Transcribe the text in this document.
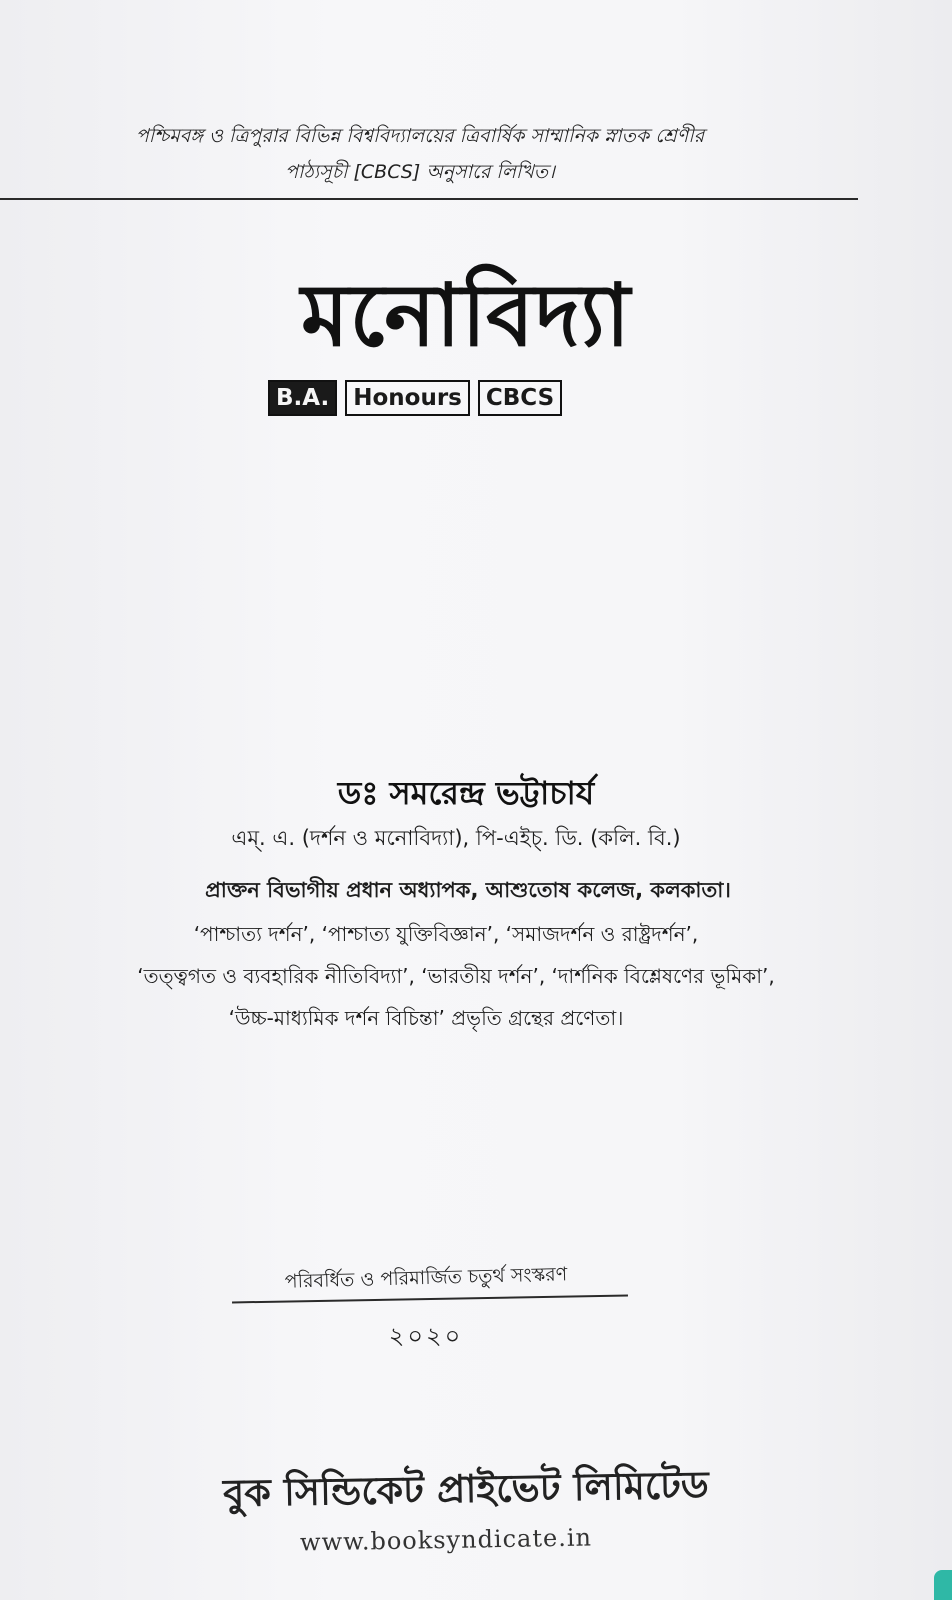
পশ্চিমবঙ্গ ও ত্রিপুরার বিভিন্ন বিশ্ববিদ্যালয়ের ত্রিবার্ষিক সাম্মানিক স্নাতক শ্রেণীর
পাঠ্যসূচী [CBCS] অনুসারে লিখিত।
মনোবিদ্যা
B.A.	Honours	CBCS
ডঃ সমরেন্দ্র ভট্টাচার্য
এম্. এ. (দর্শন ও মনোবিদ্যা), পি-এইচ্. ডি. (কলি. বি.)
প্রাক্তন বিভাগীয় প্রধান অধ্যাপক, আশুতোষ কলেজ, কলকাতা।
‘পাশ্চাত্য দর্শন’, ‘পাশ্চাত্য যুক্তিবিজ্ঞান’, ‘সমাজদর্শন ও রাষ্ট্রদর্শন’,
‘তত্ত্বগত ও ব্যবহারিক নীতিবিদ্যা’, ‘ভারতীয় দর্শন’, ‘দার্শনিক বিশ্লেষণের ভূমিকা’,
‘উচ্চ-মাধ্যমিক দর্শন বিচিন্তা’ প্রভৃতি গ্রন্থের প্রণেতা।
পরিবর্ধিত ও পরিমার্জিত চতুর্থ সংস্করণ
২০২০
বুক সিন্ডিকেট প্রাইভেট লিমিটেড
www.booksyndicate.in
